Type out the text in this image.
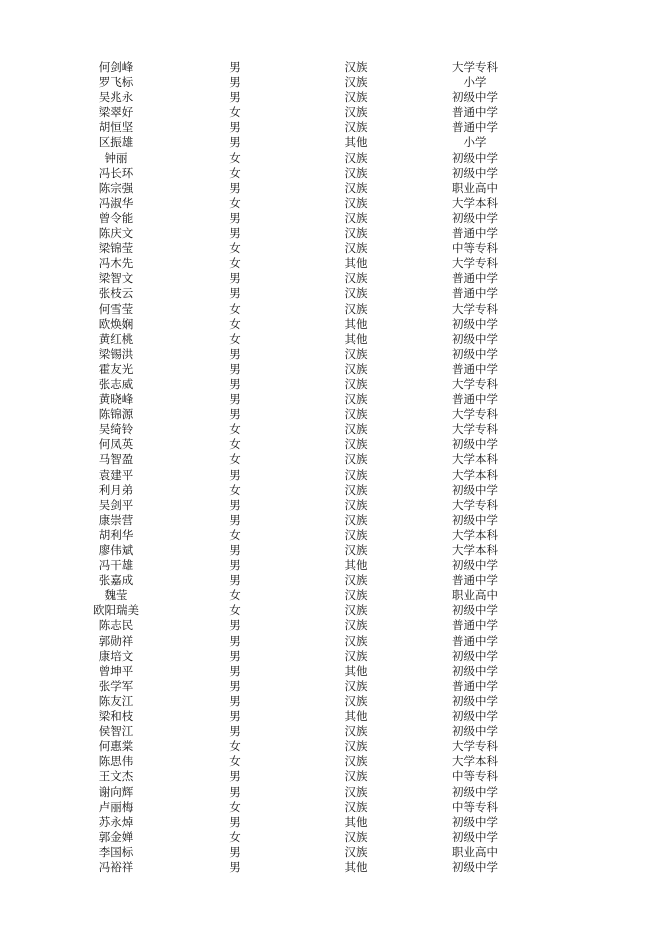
何剑峰	男	汉族	大学专科
罗飞标	男	汉族	小学
吴兆永	男	汉族	初级中学
梁翠好	女	汉族	普通中学
胡恒坚	男	汉族	普通中学
区振雄	男	其他	小学
钟丽	女	汉族	初级中学
冯长环	女	汉族	初级中学
陈宗强	男	汉族	职业高中
冯淑华	女	汉族	大学本科
曾令能	男	汉族	初级中学
陈庆文	男	汉族	普通中学
梁锦莹	女	汉族	中等专科
冯木先	女	其他	大学专科
梁智文	男	汉族	普通中学
张枝云	男	汉族	普通中学
何雪莹	女	汉族	大学专科
欧焕娴	女	其他	初级中学
黄红桃	女	其他	初级中学
梁锡洪	男	汉族	初级中学
霍友光	男	汉族	普通中学
张志威	男	汉族	大学专科
黄晓峰	男	汉族	普通中学
陈锦源	男	汉族	大学专科
吴绮铃	女	汉族	大学专科
何凤英	女	汉族	初级中学
马智盈	女	汉族	大学本科
袁建平	男	汉族	大学本科
利月弟	女	汉族	初级中学
吴剑平	男	汉族	大学专科
康崇营	男	汉族	初级中学
胡利华	女	汉族	大学本科
廖伟斌	男	汉族	大学本科
冯干雄	男	其他	初级中学
张嘉成	男	汉族	普通中学
魏莹	女	汉族	职业高中
欧阳瑞美	女	汉族	初级中学
陈志民	男	汉族	普通中学
郭勋祥	男	汉族	普通中学
康培文	男	汉族	初级中学
曾坤平	男	其他	初级中学
张学军	男	汉族	普通中学
陈友江	男	汉族	初级中学
梁和枝	男	其他	初级中学
侯智江	男	汉族	初级中学
何惠棠	女	汉族	大学专科
陈思伟	女	汉族	大学本科
王文杰	男	汉族	中等专科
谢向辉	男	汉族	初级中学
卢丽梅	女	汉族	中等专科
苏永焯	男	其他	初级中学
郭金婵	女	汉族	初级中学
李国标	男	汉族	职业高中
冯裕祥	男	其他	初级中学
